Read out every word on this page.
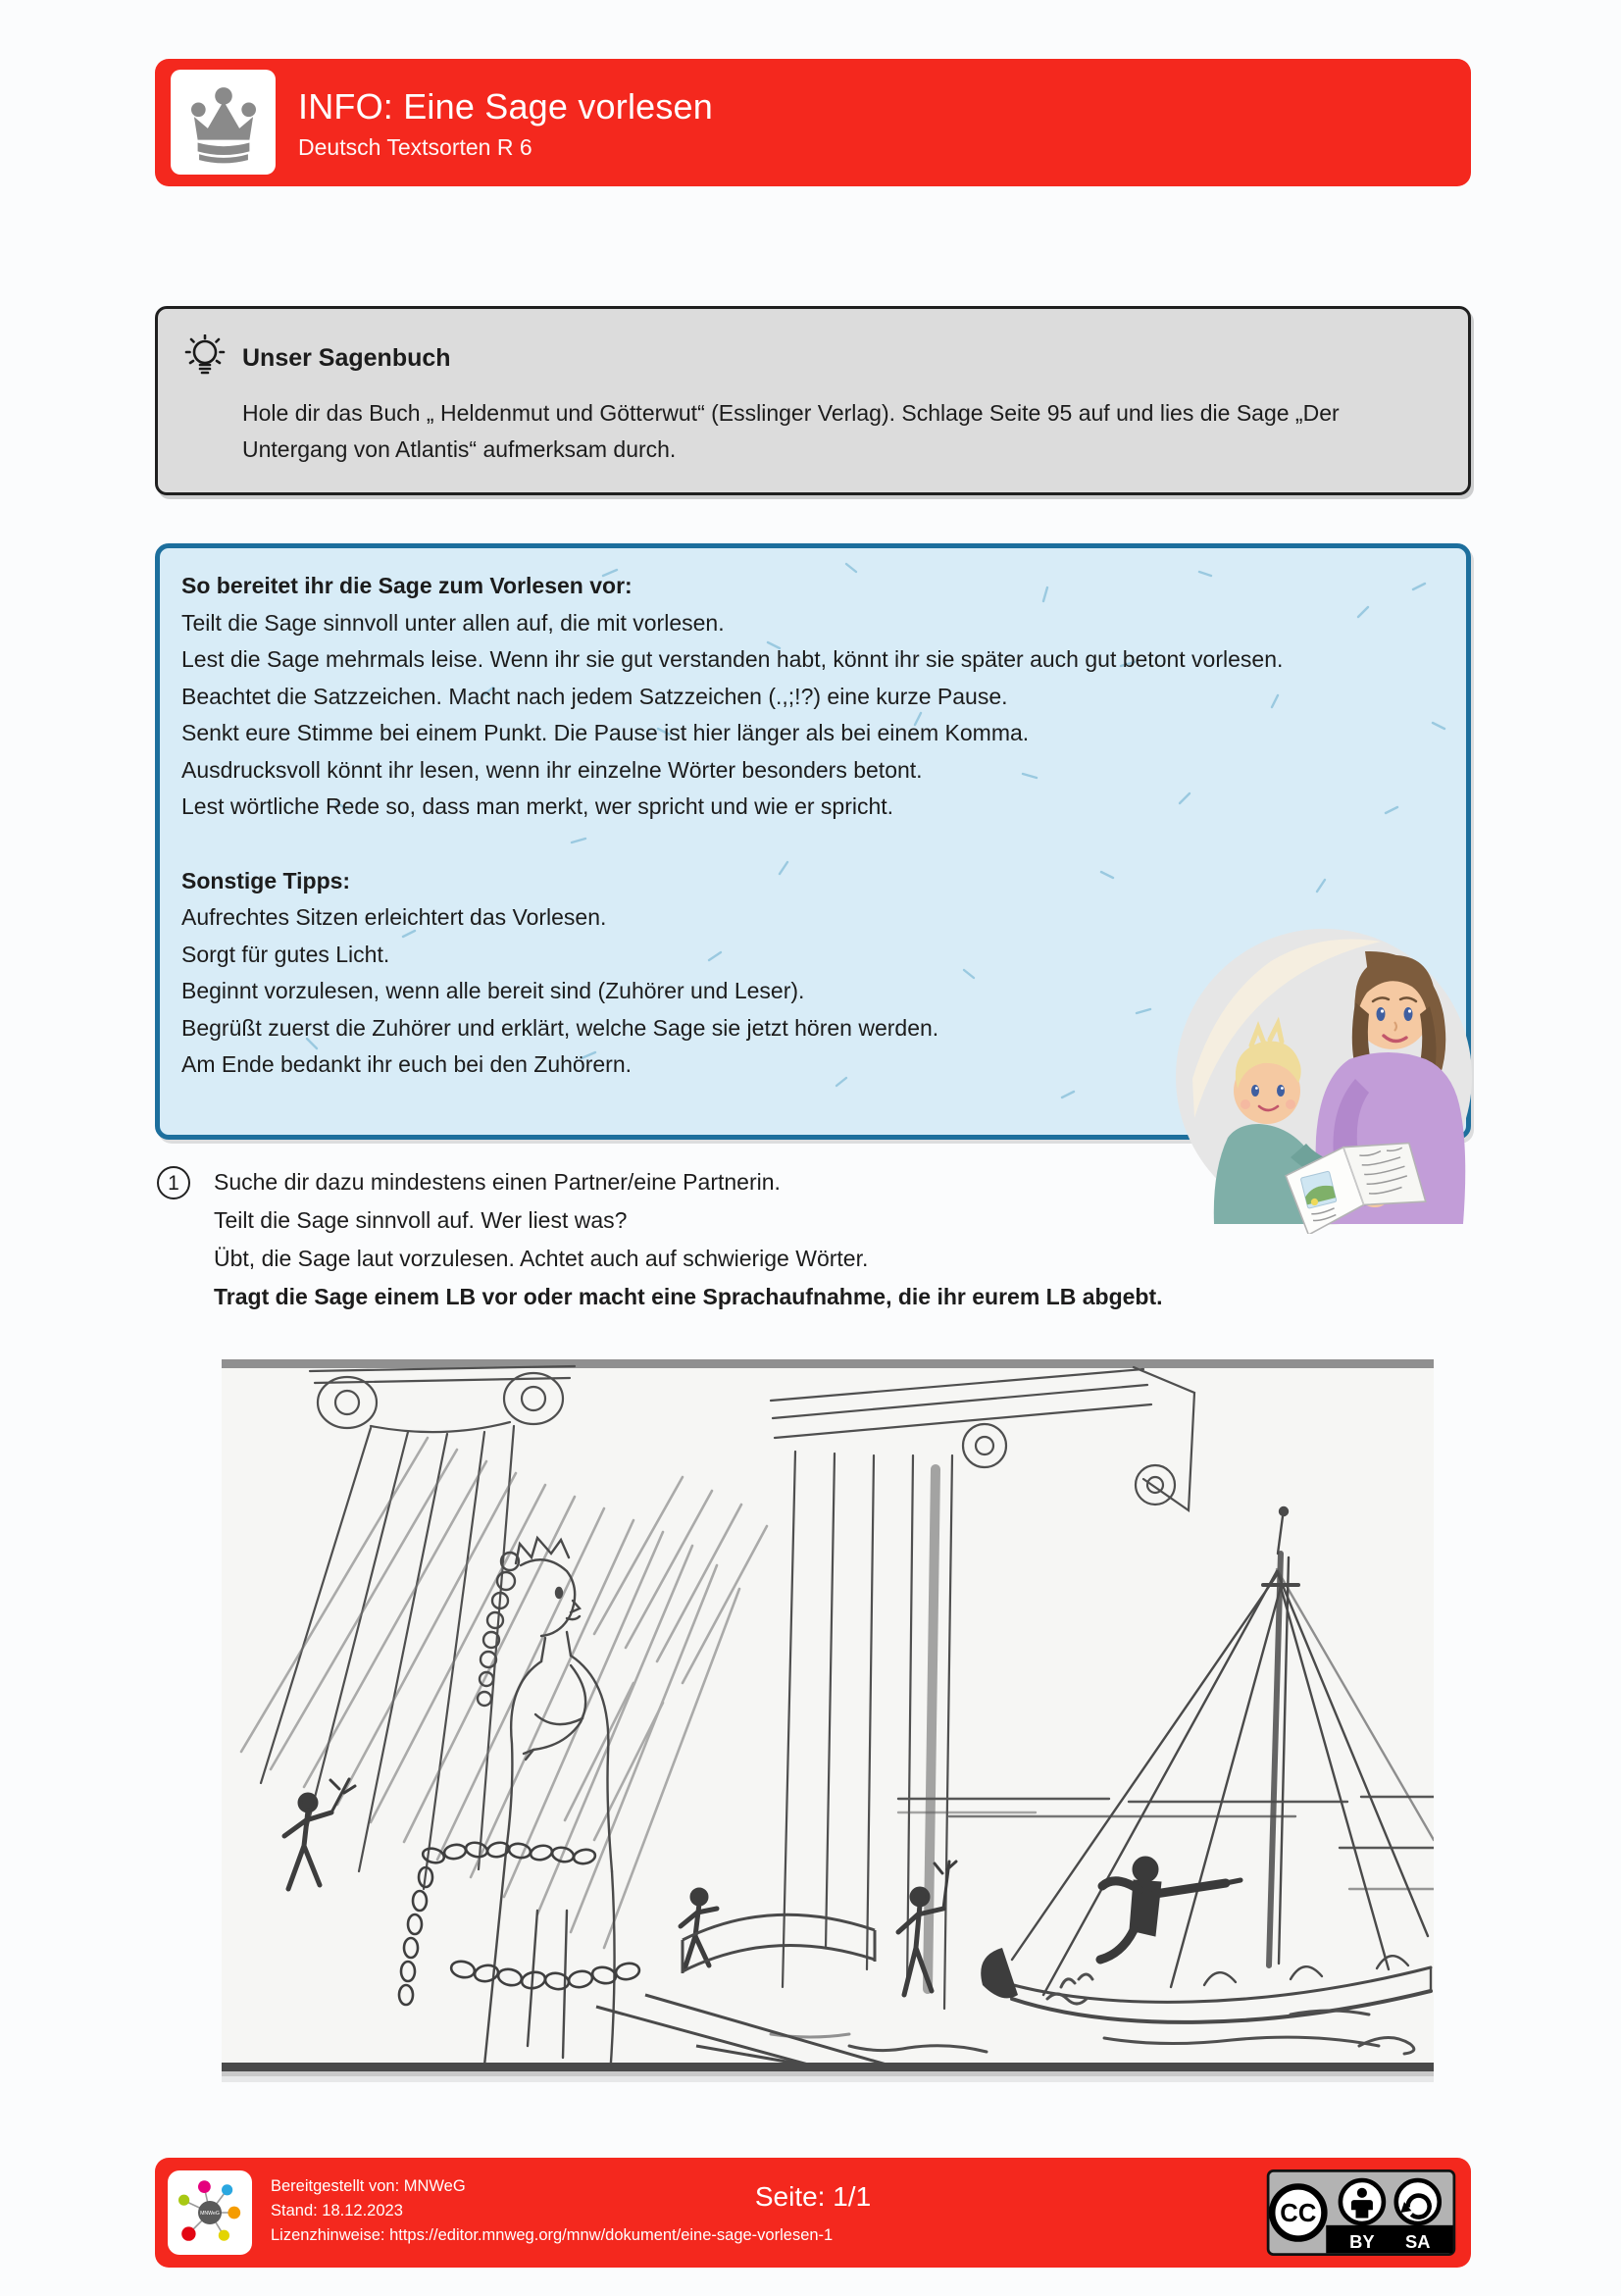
INFO: Eine Sage vorlesen
Deutsch Textsorten R 6
Unser Sagenbuch
Hole dir das Buch „ Heldenmut und Götterwut“ (Esslinger Verlag). Schlage Seite 95 auf und lies die Sage „Der Untergang von Atlantis“ aufmerksam durch.
So bereitet ihr die Sage zum Vorlesen vor:
Teilt die Sage sinnvoll unter allen auf, die mit vorlesen.
Lest die Sage mehrmals leise. Wenn ihr sie gut verstanden habt, könnt ihr sie später auch gut betont vorlesen.
Beachtet die Satzzeichen. Macht nach jedem Satzzeichen (.,;!?) eine kurze Pause.
Senkt eure Stimme bei einem Punkt. Die Pause ist hier länger als bei einem Komma.
Ausdrucksvoll könnt ihr lesen, wenn ihr einzelne Wörter besonders betont.
Lest wörtliche Rede so, dass man merkt, wer spricht und wie er spricht.
Sonstige Tipps:
Aufrechtes Sitzen erleichtert das Vorlesen.
Sorgt für gutes Licht.
Beginnt vorzulesen, wenn alle bereit sind (Zuhörer und Leser).
Begrüßt zuerst die Zuhörer und erklärt, welche Sage sie jetzt hören werden.
Am Ende bedankt ihr euch bei den Zuhörern.
1	Suche dir dazu mindestens einen Partner/eine Partnerin.
Teilt die Sage sinnvoll auf. Wer liest was?
Übt, die Sage laut vorzulesen. Achtet auch auf schwierige Wörter.
Tragt die Sage einem LB vor oder macht eine Sprachaufnahme, die ihr eurem LB abgebt.
MNWeG
Bereitgestellt von: MNWeG
Stand: 18.12.2023
Lizenzhinweise: https://editor.mnweg.org/mnw/dokument/eine-sage-vorlesen-1
Seite: 1/1
CC
BY SA
